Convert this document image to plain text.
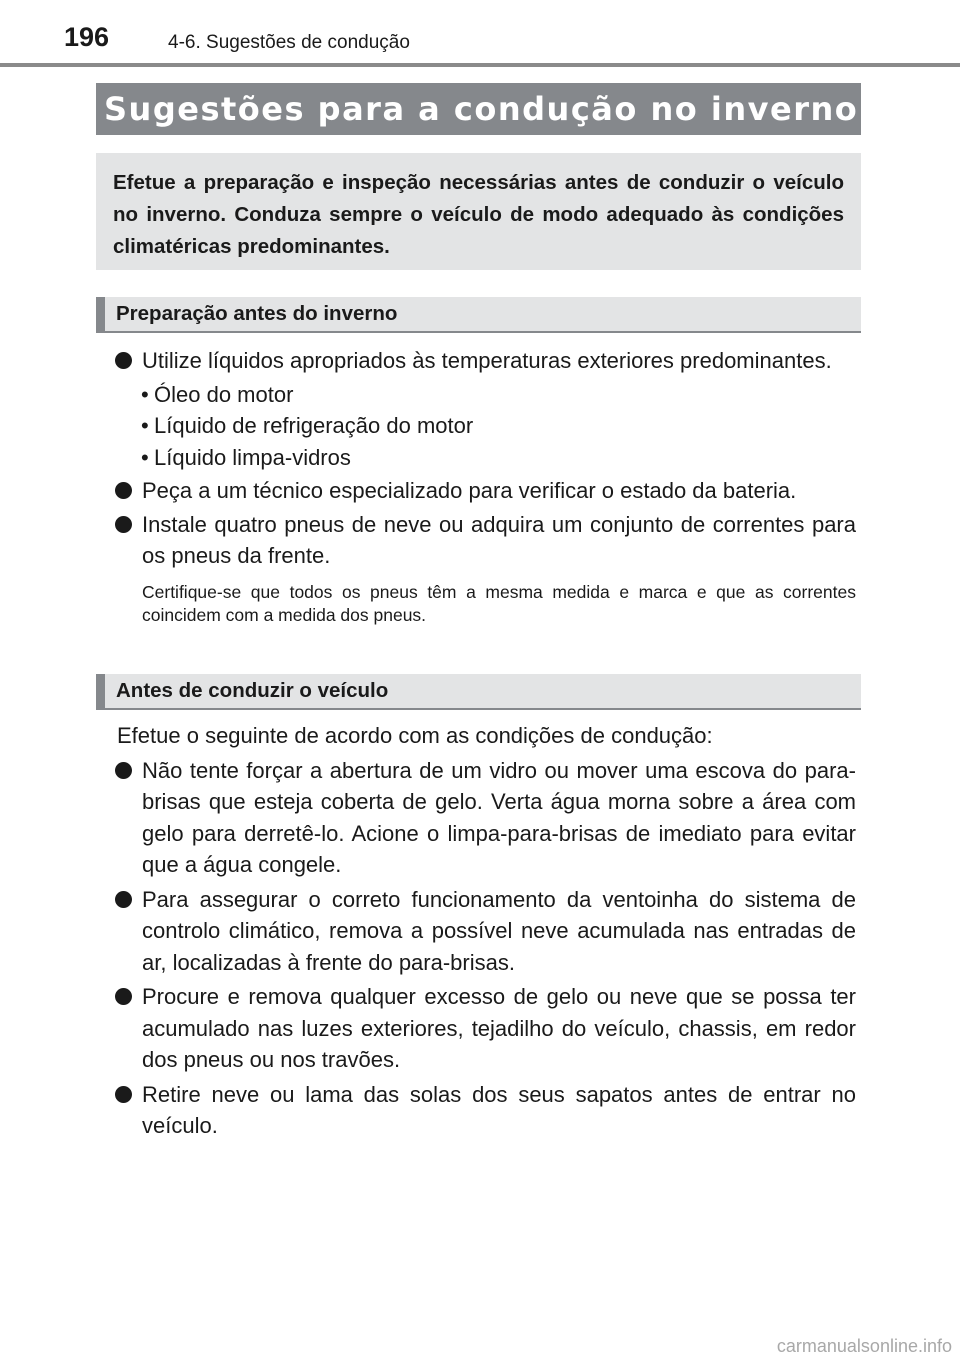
196	4-6. Sugestões de condução
Sugestões para a condução no inverno
Efetue a preparação e inspeção necessárias antes de conduzir o veículo no inverno. Conduza sempre o veículo de modo adequado às condições climatéricas predominantes.
Preparação antes do inverno
Utilize líquidos apropriados às temperaturas exteriores predominantes.
• Óleo do motor
• Líquido de refrigeração do motor
• Líquido limpa-vidros
Peça a um técnico especializado para verificar o estado da bateria.
Instale quatro pneus de neve ou adquira um conjunto de correntes para os pneus da frente.
Certifique-se que todos os pneus têm a mesma medida e marca e que as correntes coincidem com a medida dos pneus.
Antes de conduzir o veículo
Efetue o seguinte de acordo com as condições de condução:
Não tente forçar a abertura de um vidro ou mover uma escova do para-brisas que esteja coberta de gelo. Verta água morna sobre a área com gelo para derretê-lo. Acione o limpa-para-brisas de imediato para evitar que a água congele.
Para assegurar o correto funcionamento da ventoinha do sistema de controlo climático, remova a possível neve acumulada nas entradas de ar, localizadas à frente do para-brisas.
Procure e remova qualquer excesso de gelo ou neve que se possa ter acumulado nas luzes exteriores, tejadilho do veículo, chassis, em redor dos pneus ou nos travões.
Retire neve ou lama das solas dos seus sapatos antes de entrar no veículo.
carmanualsonline.info
